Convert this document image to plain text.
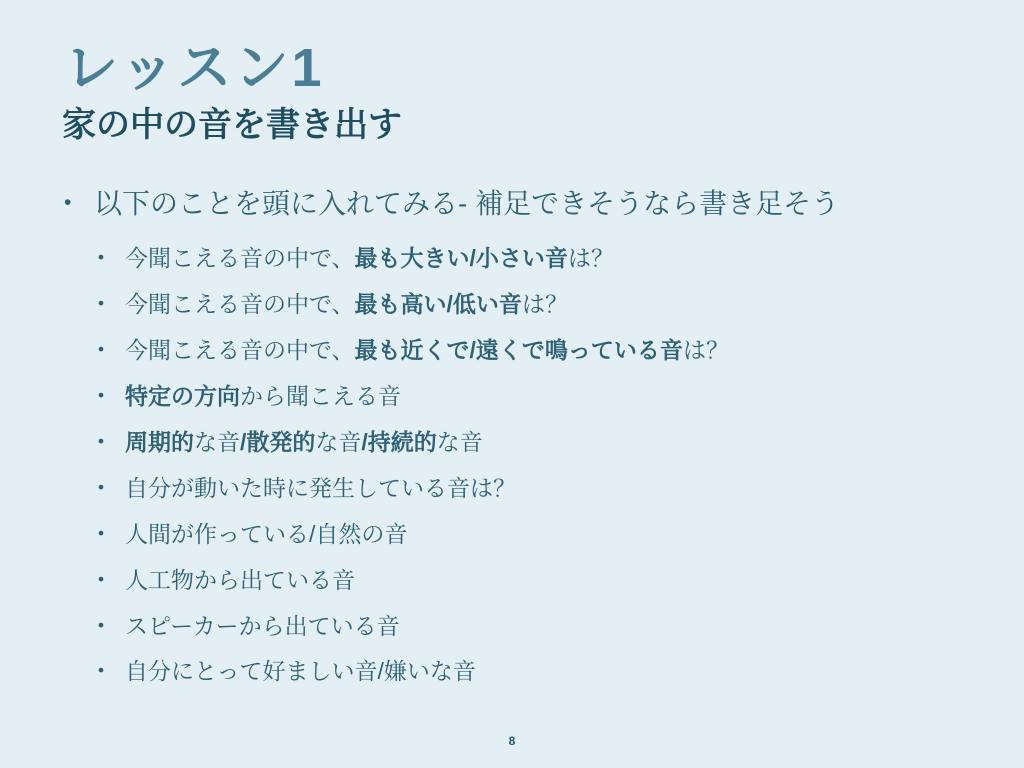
レッスン1
家の中の音を書き出す
• 以下のことを頭に入れてみる- 補足できそうなら書き足そう
• 今聞こえる音の中で、最も大きい/小さい音は？
• 今聞こえる音の中で、最も高い/低い音は？
• 今聞こえる音の中で、最も近くで/遠くで鳴っている音は？
• 特定の方向から聞こえる音
• 周期的な音/散発的な音/持続的な音
• 自分が動いた時に発生している音は？
• 人間が作っている/自然の音
• 人工物から出ている音
• スピーカーから出ている音
• 自分にとって好ましい音/嫌いな音
8
